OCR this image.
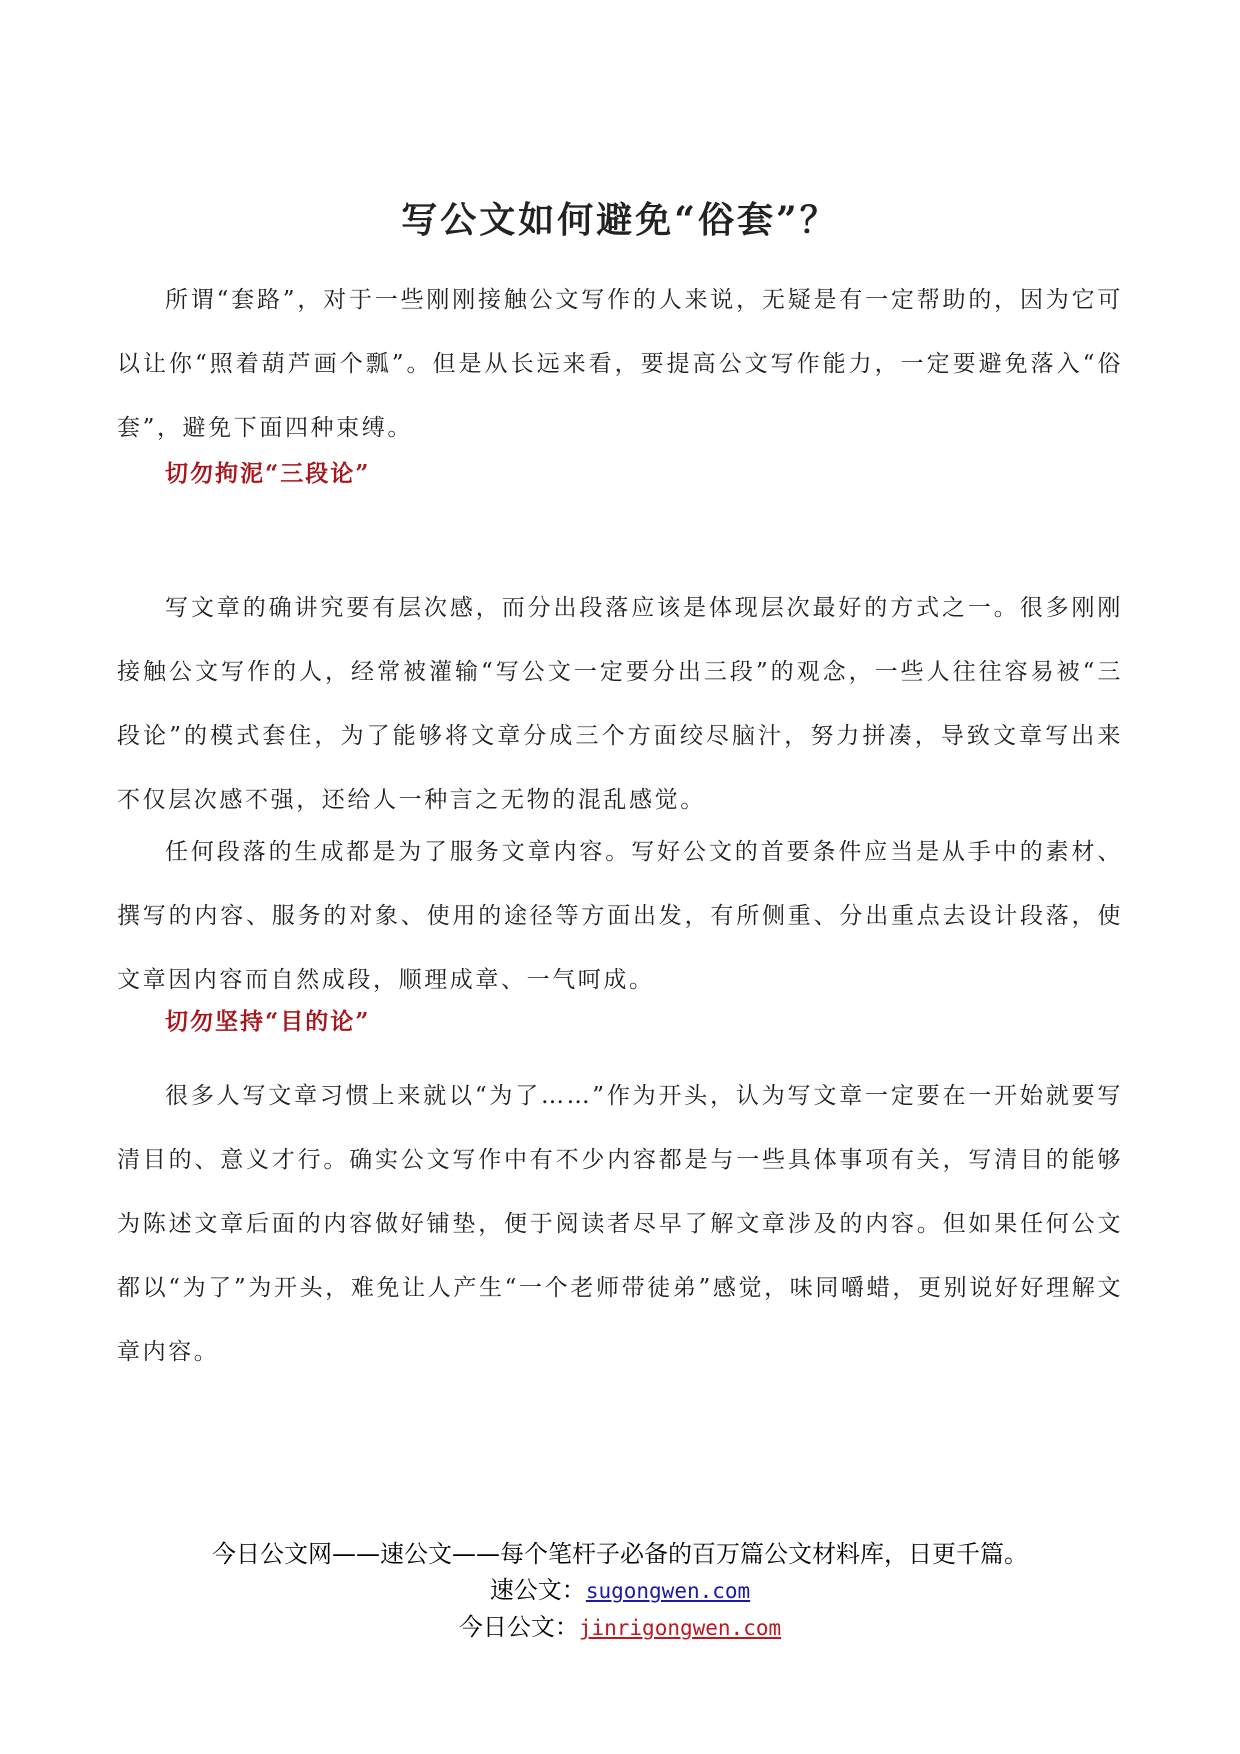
写公文如何避免“俗套”？

所谓“套路”，对于一些刚刚接触公文写作的人来说，无疑是有一定帮助的，因为它可以让你“照着葫芦画个瓢”。但是从长远来看，要提高公文写作能力，一定要避免落入“俗套”，避免下面四种束缚。

切勿拘泥“三段论”

写文章的确讲究要有层次感，而分出段落应该是体现层次最好的方式之一。很多刚刚接触公文写作的人，经常被灌输“写公文一定要分出三段”的观念，一些人往往容易被“三段论”的模式套住，为了能够将文章分成三个方面绞尽脑汁，努力拼凑，导致文章写出来不仅层次感不强，还给人一种言之无物的混乱感觉。

任何段落的生成都是为了服务文章内容。写好公文的首要条件应当是从手中的素材、撰写的内容、服务的对象、使用的途径等方面出发，有所侧重、分出重点去设计段落，使文章因内容而自然成段，顺理成章、一气呵成。

切勿坚持“目的论”

很多人写文章习惯上来就以“为了……”作为开头，认为写文章一定要在一开始就要写清目的、意义才行。确实公文写作中有不少内容都是与一些具体事项有关，写清目的能够为陈述文章后面的内容做好铺垫，便于阅读者尽早了解文章涉及的内容。但如果任何公文都以“为了”为开头，难免让人产生“一个老师带徒弟”感觉，味同嚼蜡，更别说好好理解文章内容。

今日公文网——速公文——每个笔杆子必备的百万篇公文材料库，日更千篇。

速公文：sugongwen.com

今日公文：jinrigongwen.com
